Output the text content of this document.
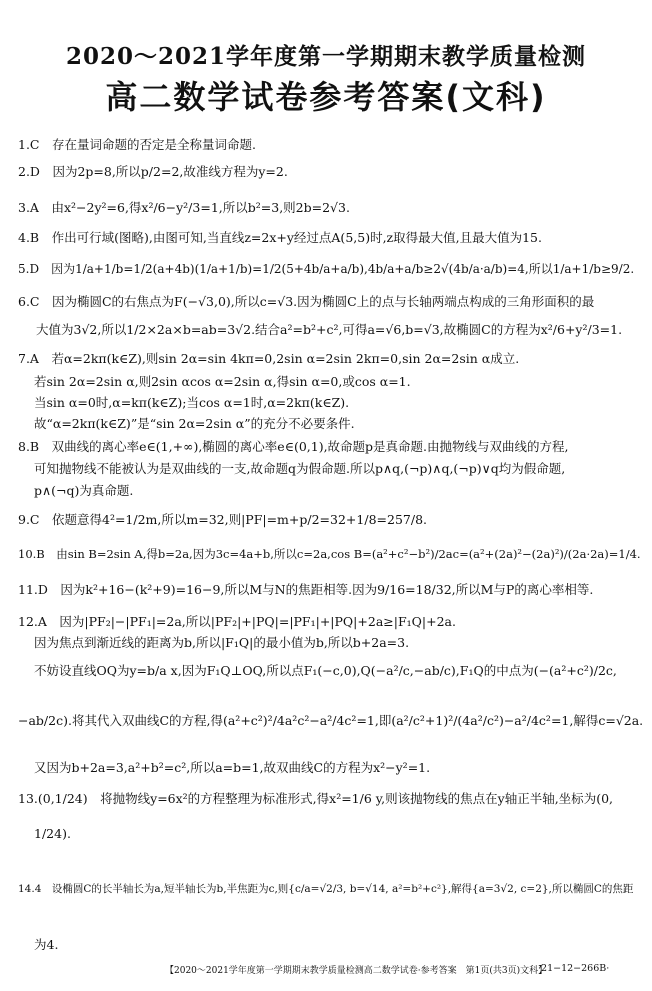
2020～2021学年度第一学期期末教学质量检测
高二数学试卷参考答案(文科)
1.C　存在量词命题的否定是全称量词命题.
2.D　因为2p=8,所以p/2=2,故准线方程为y=2.
3.A　由x²−2y²=6,得x²/6−y²/3=1,所以b²=3,则2b=2√3.
4.B　作出可行域(图略),由图可知,当直线z=2x+y经过点A(5,5)时,z取得最大值,且最大值为15.
5.D　因为1/a+1/b=1/2(a+4b)(1/a+1/b)=1/2(5+4b/a+a/b),4b/a+a/b≥2√(4b/a·a/b)=4,所以1/a+1/b≥9/2.
6.C　因为椭圆C的右焦点为F(−√3,0),所以c=√3.因为椭圆C上的点与长轴两端点构成的三角形面积的最
大值为3√2,所以1/2×2a×b=ab=3√2.结合a²=b²+c²,可得a=√6,b=√3,故椭圆C的方程为x²/6+y²/3=1.
7.A　若α=2kπ(k∈Z),则sin 2α=sin 4kπ=0,2sin α=2sin 2kπ=0,sin 2α=2sin α成立.
若sin 2α=2sin α,则2sin αcos α=2sin α,得sin α=0,或cos α=1.
当sin α=0时,α=kπ(k∈Z);当cos α=1时,α=2kπ(k∈Z).
故“α=2kπ(k∈Z)”是“sin 2α=2sin α”的充分不必要条件.
8.B　双曲线的离心率e∈(1,+∞),椭圆的离心率e∈(0,1),故命题p是真命题.由抛物线与双曲线的方程,
可知抛物线不能被认为是双曲线的一支,故命题q为假命题.所以p∧q,(¬p)∧q,(¬p)∨q均为假命题,
p∧(¬q)为真命题.
9.C　依题意得4²=1/2m,所以m=32,则|PF|=m+p/2=32+1/8=257/8.
10.B　由sin B=2sin A,得b=2a,因为3c=4a+b,所以c=2a,cos B=(a²+c²−b²)/2ac=(a²+(2a)²−(2a)²)/(2a·2a)=1/4.
11.D　因为k²+16−(k²+9)=16−9,所以M与N的焦距相等.因为9/16=18/32,所以M与P的离心率相等.
12.A　因为|PF₂|−|PF₁|=2a,所以|PF₂|+|PQ|=|PF₁|+|PQ|+2a≥|F₁Q|+2a.
因为焦点到渐近线的距离为b,所以|F₁Q|的最小值为b,所以b+2a=3.
不妨设直线OQ为y=b/a x,因为F₁Q⊥OQ,所以点F₁(−c,0),Q(−a²/c,−ab/c),F₁Q的中点为(−(a²+c²)/2c,
−ab/2c).将其代入双曲线C的方程,得(a²+c²)²/4a²c²−a²/4c²=1,即(a²/c²+1)²/(4a²/c²)−a²/4c²=1,解得c=√2a.
又因为b+2a=3,a²+b²=c²,所以a=b=1,故双曲线C的方程为x²−y²=1.
13.(0,1/24)　将抛物线y=6x²的方程整理为标准形式,得x²=1/6 y,则该抛物线的焦点在y轴正半轴,坐标为(0,
1/24).
14.4　设椭圆C的长半轴长为a,短半轴长为b,半焦距为c,则{c/a=√2/3, b=√14, a²=b²+c²},解得{a=3√2, c=2},所以椭圆C的焦距
为4.
【2020～2021学年度第一学期期末教学质量检测高二数学试卷·参考答案　第1页(共3页)文科】
·21−12−266B·
